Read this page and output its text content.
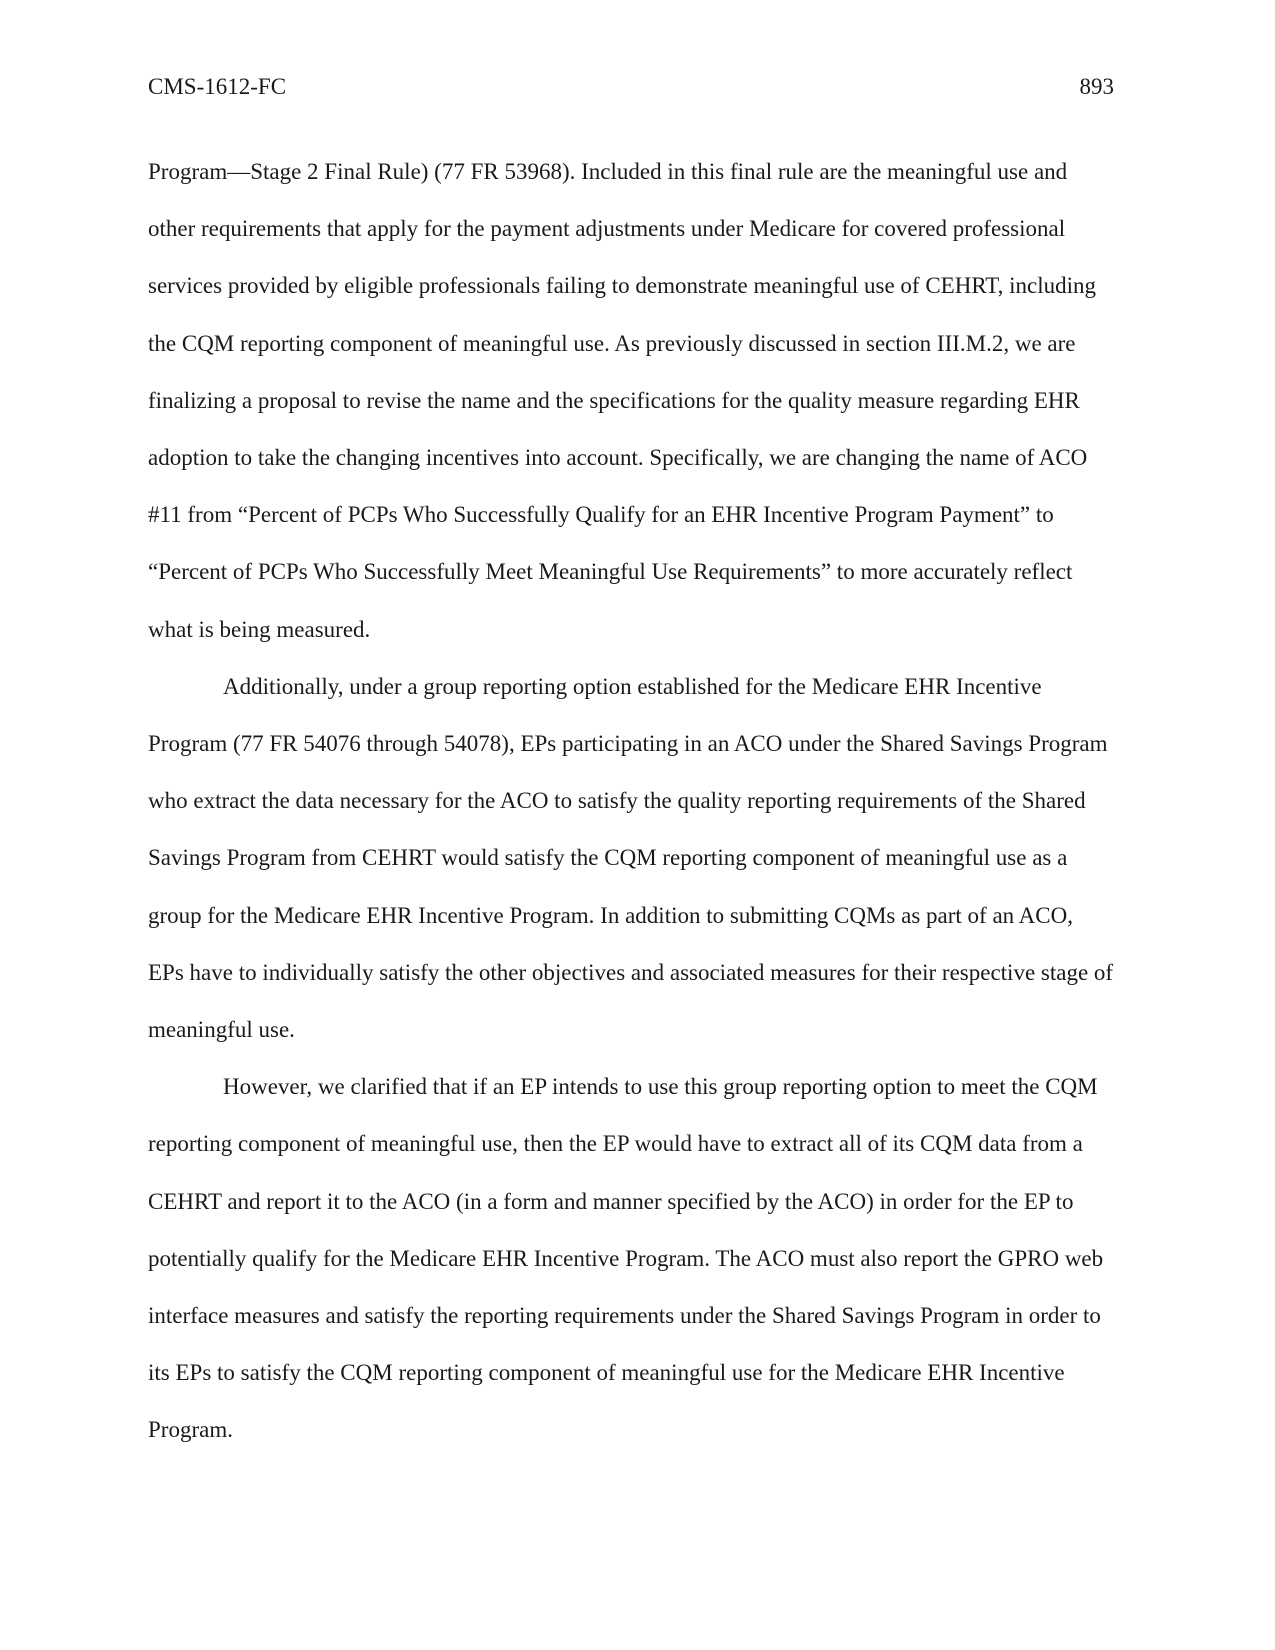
CMS-1612-FC	893

Program—Stage 2 Final Rule) (77 FR 53968). Included in this final rule are the meaningful use and other requirements that apply for the payment adjustments under Medicare for covered professional services provided by eligible professionals failing to demonstrate meaningful use of CEHRT, including the CQM reporting component of meaningful use. As previously discussed in section III.M.2, we are finalizing a proposal to revise the name and the specifications for the quality measure regarding EHR adoption to take the changing incentives into account. Specifically, we are changing the name of ACO #11 from “Percent of PCPs Who Successfully Qualify for an EHR Incentive Program Payment” to “Percent of PCPs Who Successfully Meet Meaningful Use Requirements” to more accurately reflect what is being measured.

Additionally, under a group reporting option established for the Medicare EHR Incentive Program (77 FR 54076 through 54078), EPs participating in an ACO under the Shared Savings Program who extract the data necessary for the ACO to satisfy the quality reporting requirements of the Shared Savings Program from CEHRT would satisfy the CQM reporting component of meaningful use as a group for the Medicare EHR Incentive Program. In addition to submitting CQMs as part of an ACO, EPs have to individually satisfy the other objectives and associated measures for their respective stage of meaningful use.

However, we clarified that if an EP intends to use this group reporting option to meet the CQM reporting component of meaningful use, then the EP would have to extract all of its CQM data from a CEHRT and report it to the ACO (in a form and manner specified by the ACO) in order for the EP to potentially qualify for the Medicare EHR Incentive Program. The ACO must also report the GPRO web interface measures and satisfy the reporting requirements under the Shared Savings Program in order to its EPs to satisfy the CQM reporting component of meaningful use for the Medicare EHR Incentive Program.
